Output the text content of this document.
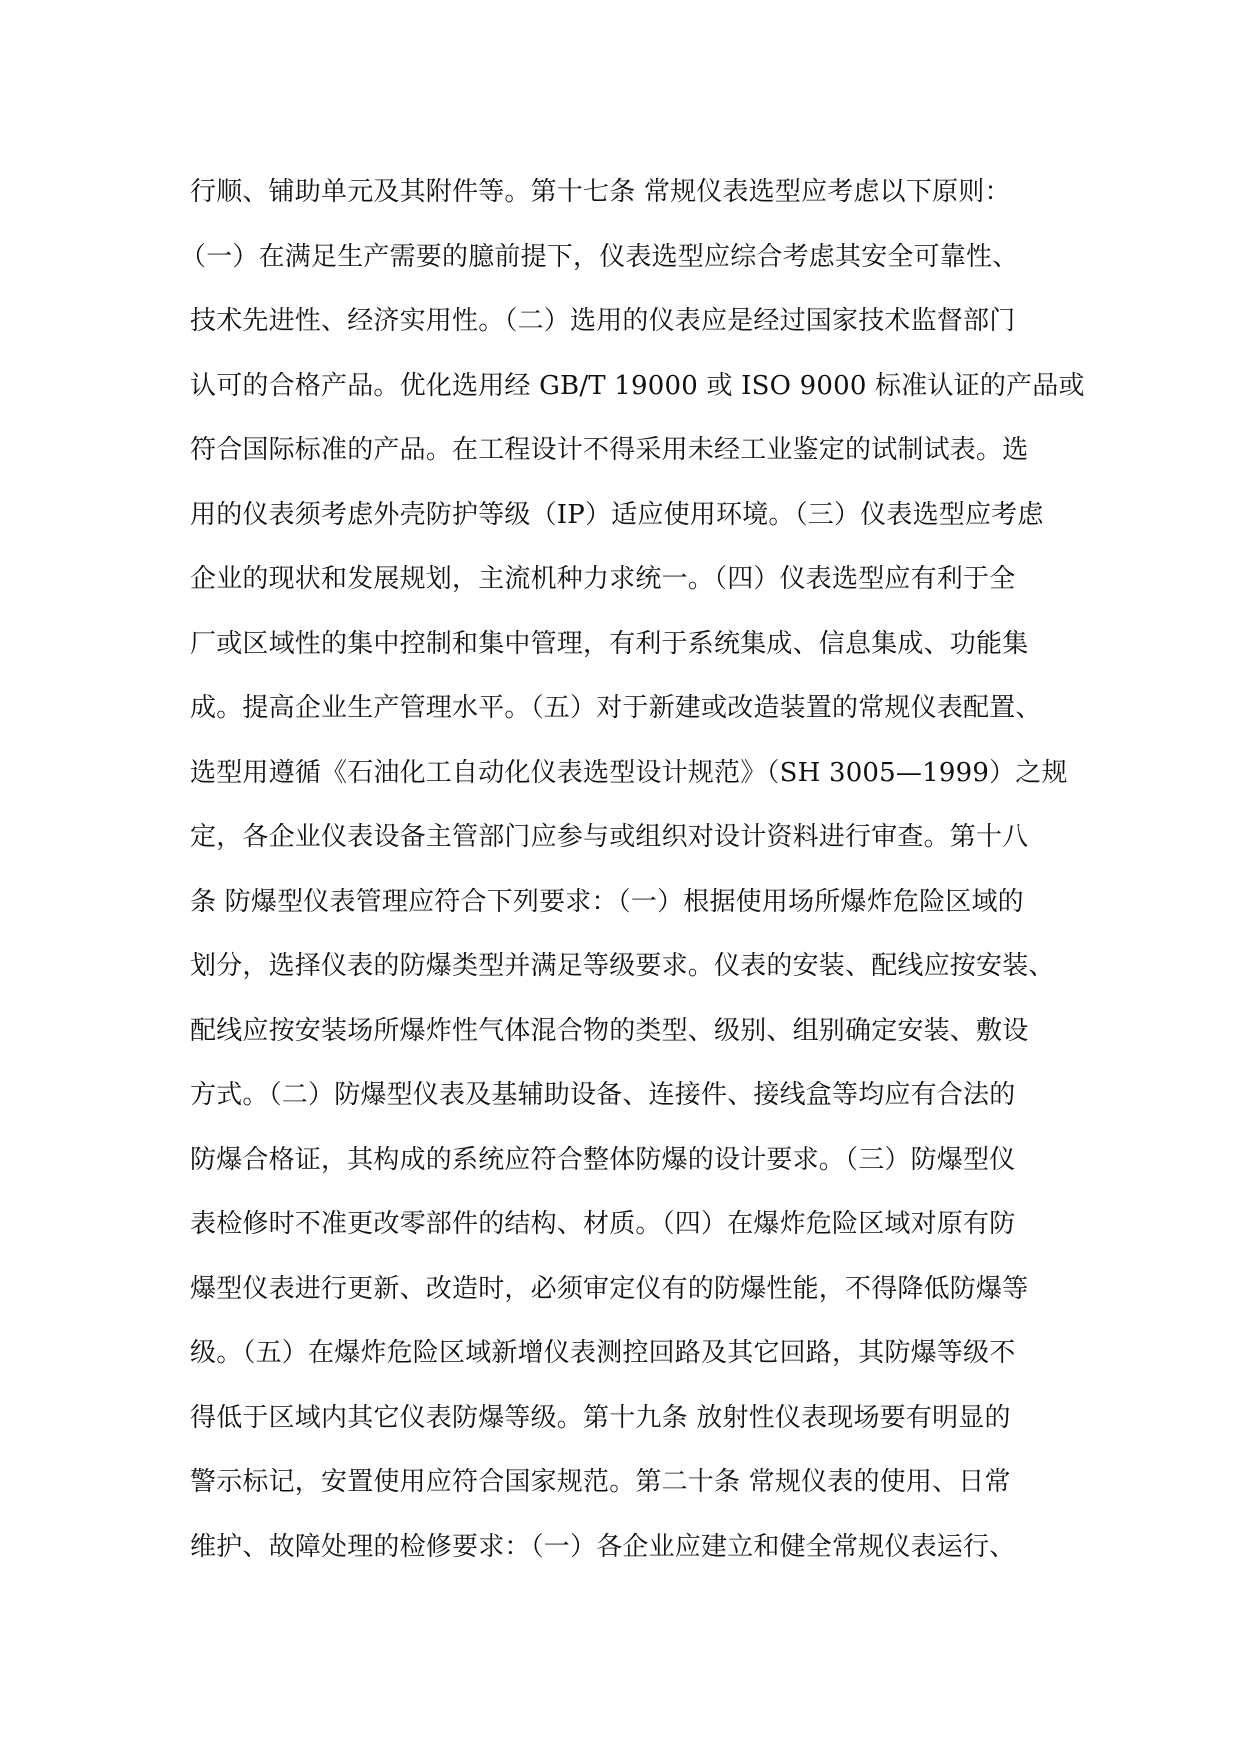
行顺、铺助单元及其附件等。第十七条 常规仪表选型应考虑以下原则：
（一）在满足生产需要的臆前提下，仪表选型应综合考虑其安全可靠性、
技术先进性、经济实用性。（二）选用的仪表应是经过国家技术监督部门
认可的合格产品。优化选用经 GB/T 19000 或 ISO 9000 标准认证的产品或
符合国际标准的产品。在工程设计不得采用未经工业鉴定的试制试表。选
用的仪表须考虑外壳防护等级（IP）适应使用环境。（三）仪表选型应考虑
企业的现状和发展规划，主流机种力求统一。（四）仪表选型应有利于全
厂或区域性的集中控制和集中管理，有利于系统集成、信息集成、功能集
成。提高企业生产管理水平。（五）对于新建或改造装置的常规仪表配置、
选型用遵循《石油化工自动化仪表选型设计规范》（SH 3005—1999）之规
定，各企业仪表设备主管部门应参与或组织对设计资料进行审查。第十八
条 防爆型仪表管理应符合下列要求：（一）根据使用场所爆炸危险区域的
划分，选择仪表的防爆类型并满足等级要求。仪表的安装、配线应按安装、
配线应按安装场所爆炸性气体混合物的类型、级别、组别确定安装、敷设
方式。（二）防爆型仪表及基辅助设备、连接件、接线盒等均应有合法的
防爆合格证，其构成的系统应符合整体防爆的设计要求。（三）防爆型仪
表检修时不准更改零部件的结构、材质。（四）在爆炸危险区域对原有防
爆型仪表进行更新、改造时，必须审定仪有的防爆性能，不得降低防爆等
级。（五）在爆炸危险区域新增仪表测控回路及其它回路，其防爆等级不
得低于区域内其它仪表防爆等级。第十九条 放射性仪表现场要有明显的
警示标记，安置使用应符合国家规范。第二十条 常规仪表的使用、日常
维护、故障处理的检修要求：（一）各企业应建立和健全常规仪表运行、
